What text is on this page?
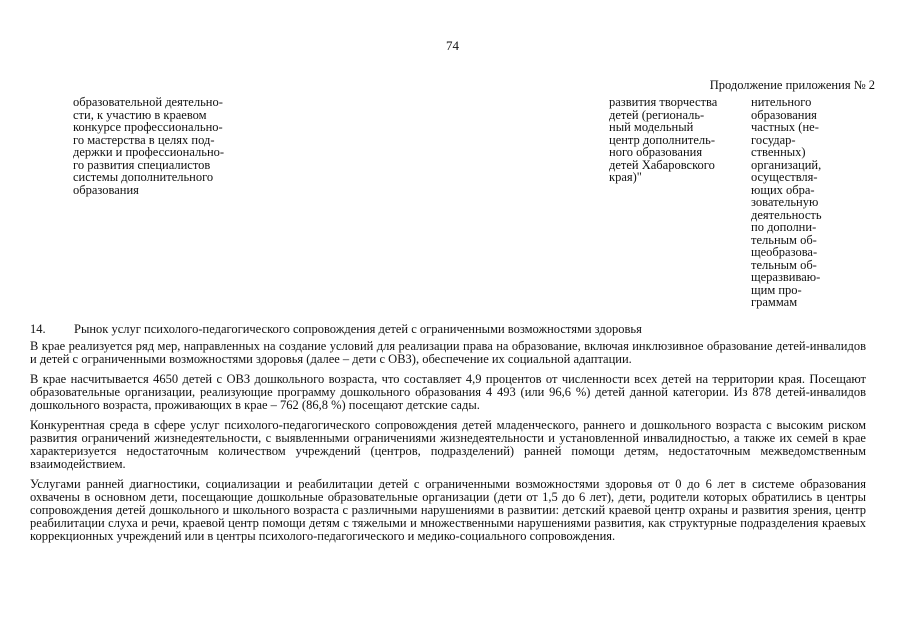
74
Продолжение приложения № 2
образовательной деятельно-
сти, к участию в краевом
конкурсе профессионально-
го мастерства в целях под-
держки и профессионально-
го развития специалистов
системы дополнительного
образования
развития творчества
детей (региональ-
ный модельный
центр дополнитель-
ного образования
детей Хабаровского
края)"
нительного
образования
частных (не-
государ-
ственных)
организаций,
осуществля-
ющих обра-
зовательную
деятельность
по дополни-
тельным об-
щеобразова-
тельным об-
щеразвиваю-
щим про-
граммам
14. Рынок услуг психолого-педагогического сопровождения детей с ограниченными возможностями здоровья

В крае реализуется ряд мер, направленных на создание условий для реализации права на образование, включая инклюзивное образование детей-инвалидов и детей с ограниченными возможностями здоровья (далее – дети с ОВЗ), обеспечение их социальной адаптации.

В крае насчитывается 4650 детей с ОВЗ дошкольного возраста, что составляет 4,9 процентов от численности всех детей на территории края. Посещают образовательные организации, реализующие программу дошкольного образования 4 493 (или 96,6 %) детей данной категории. Из 878 детей-инвалидов дошкольного возраста, проживающих в крае – 762 (86,8 %) посещают детские сады.

Конкурентная среда в сфере услуг психолого-педагогического сопровождения детей младенческого, раннего и дошкольного возраста с высоким риском развития ограничений жизнедеятельности, с выявленными ограничениями жизнедеятельности и установленной инвалидностью, а также их семей в крае характеризуется недостаточным количеством учреждений (центров, подразделений) ранней помощи детям, недостаточным межведомственным взаимодействием.

Услугами ранней диагностики, социализации и реабилитации детей с ограниченными возможностями здоровья от 0 до 6 лет в системе образования охвачены в основном дети, посещающие дошкольные образовательные организации (дети от 1,5 до 6 лет), дети, родители которых обратились в центры сопровождения детей дошкольного и школьного возраста с различными нарушениями в развитии: детский краевой центр охраны и развития зрения, центр реабилитации слуха и речи, краевой центр помощи детям с тяжелыми и множественными нарушениями развития, как структурные подразделения краевых коррекционных учреждений или в центры психолого-педагогического и медико-социального сопровождения.
